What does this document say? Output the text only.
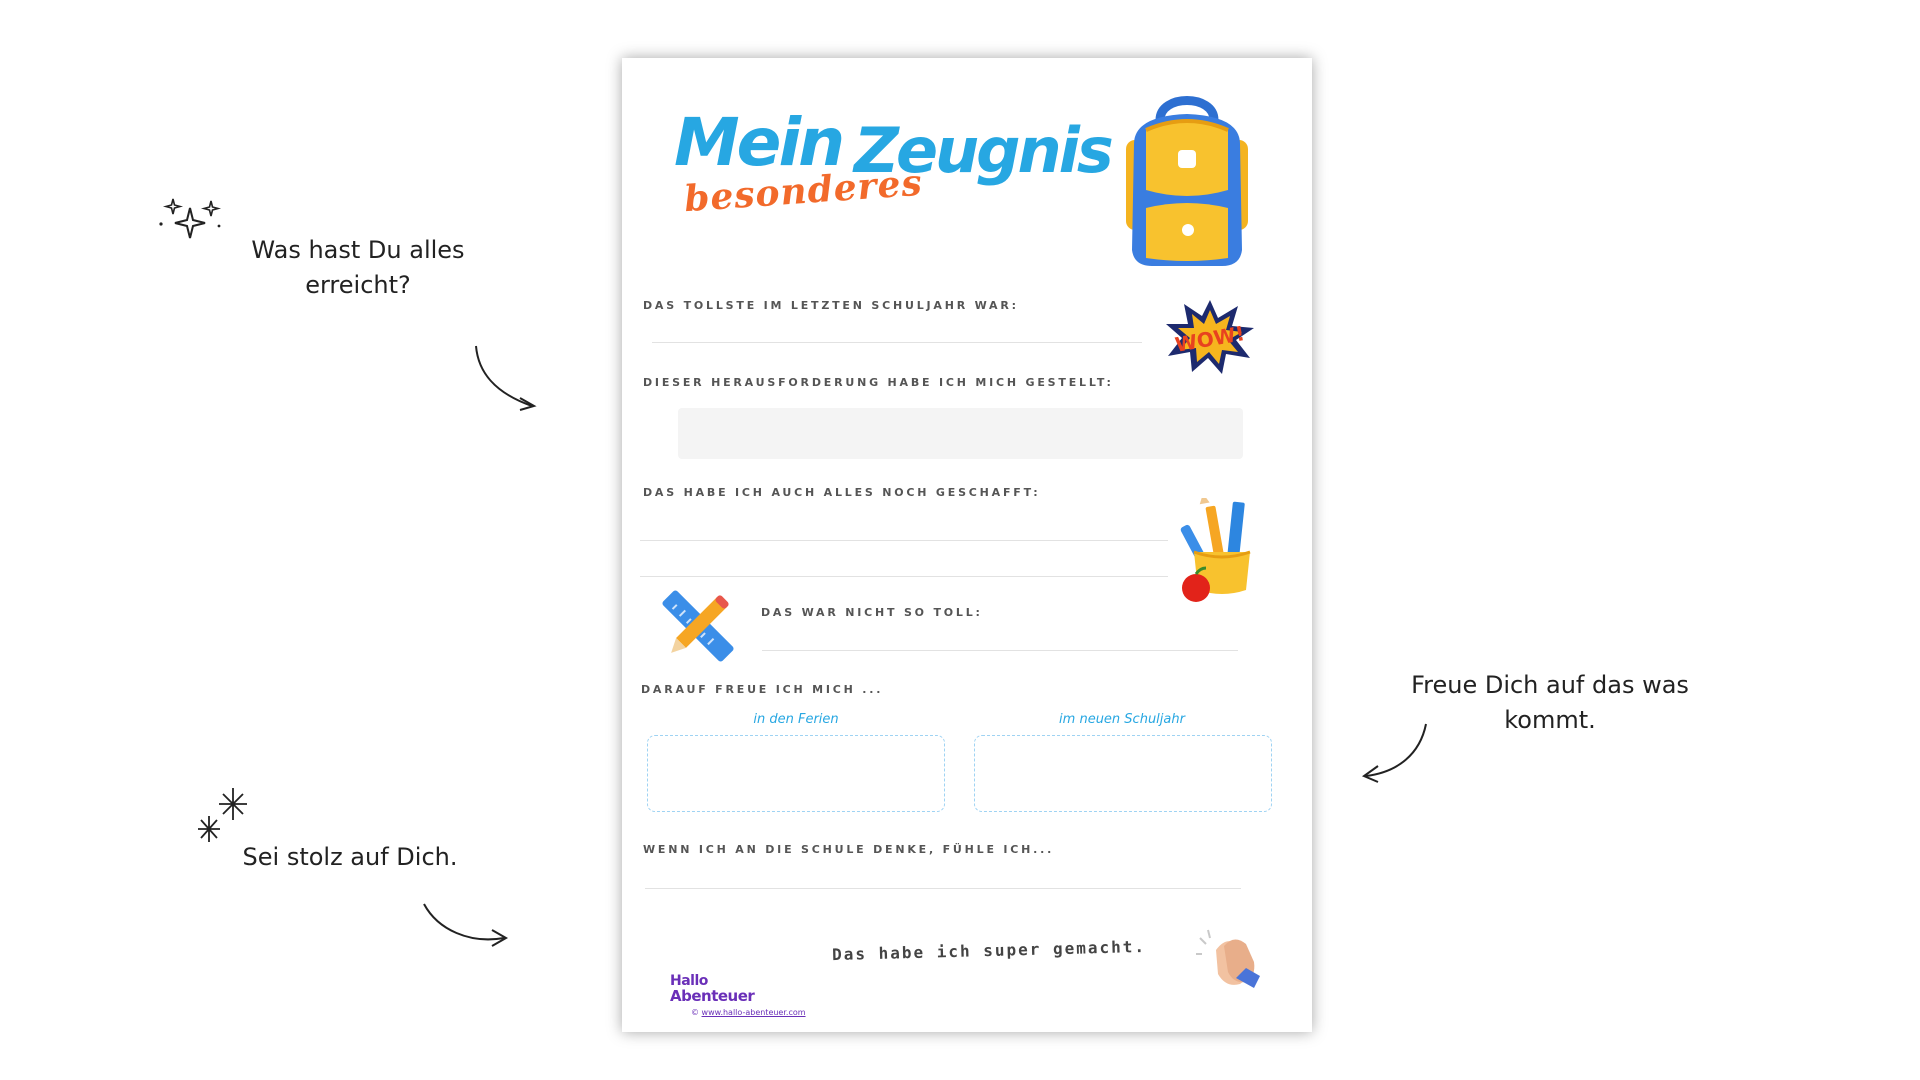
Was hast Du alles
erreicht?
Sei stolz auf Dich.
Freue Dich auf das was
kommt.
Mein Zeugnis
besonderes
DAS TOLLSTE IM LETZTEN SCHULJAHR WAR:
WOW!
DIESER HERAUSFORDERUNG HABE ICH MICH GESTELLT:
DAS HABE ICH AUCH ALLES NOCH GESCHAFFT:
DAS WAR NICHT SO TOLL:
DARAUF FREUE ICH MICH ...
in den Ferien	im neuen Schuljahr
WENN ICH AN DIE SCHULE DENKE, FÜHLE ICH...
Das habe ich super gemacht.
Hallo
Abenteuer
© www.hallo-abenteuer.com
